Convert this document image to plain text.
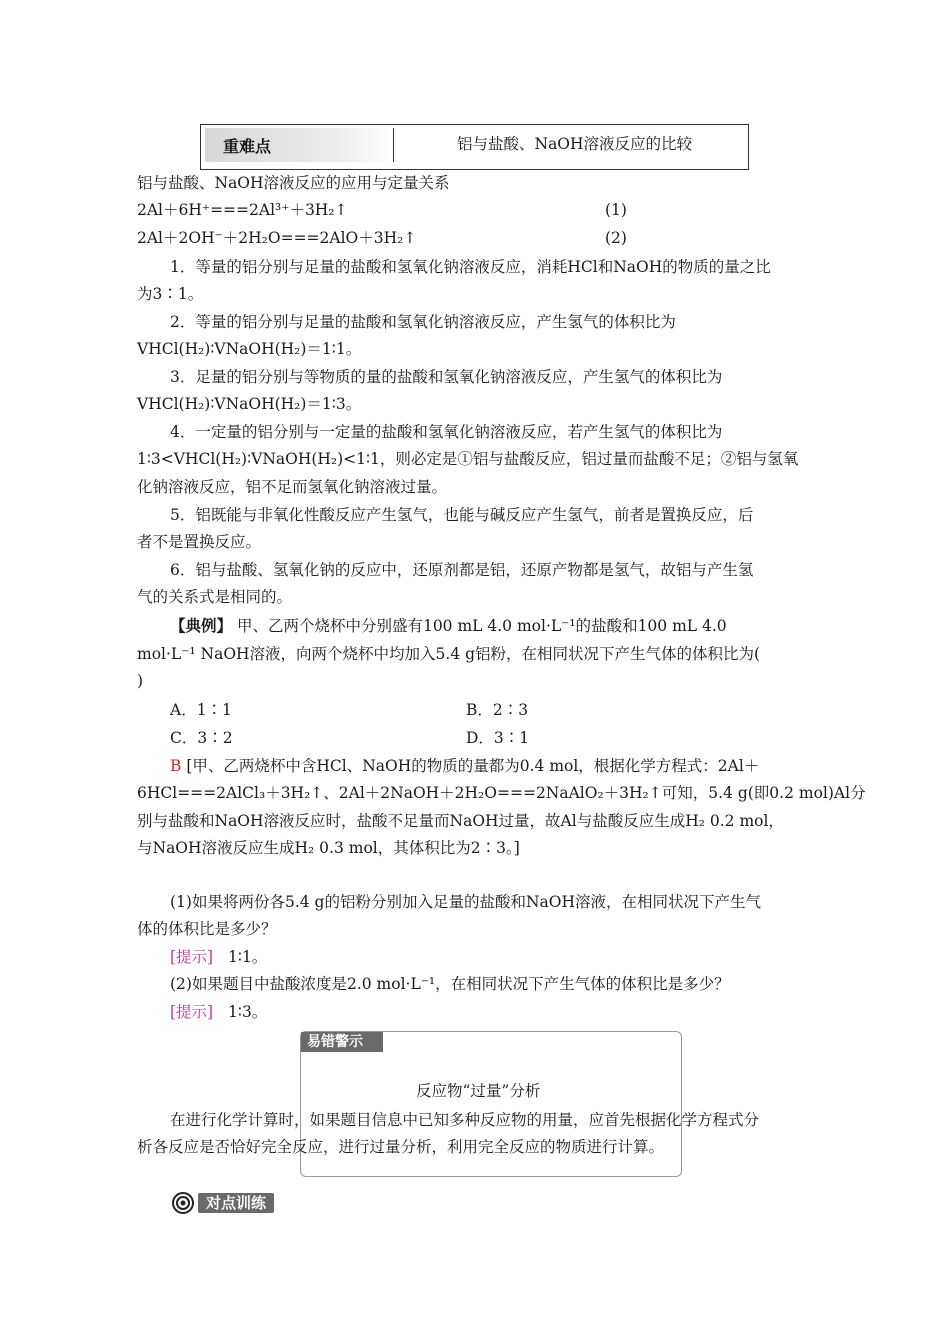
重难点	铝与盐酸、NaOH溶液反应的比较
铝与盐酸、NaOH溶液反应的应用与定量关系
2Al＋6H⁺===2Al³⁺＋3H₂↑	(1)
2Al＋2OH⁻＋2H₂O===2AlO＋3H₂↑	(2)
1．等量的铝分别与足量的盐酸和氢氧化钠溶液反应，消耗HCl和NaOH的物质的量之比
为3∶1。
2．等量的铝分别与足量的盐酸和氢氧化钠溶液反应，产生氢气的体积比为
VHCl(H₂)∶VNaOH(H₂)＝1∶1。
3．足量的铝分别与等物质的量的盐酸和氢氧化钠溶液反应，产生氢气的体积比为
VHCl(H₂)∶VNaOH(H₂)＝1∶3。
4．一定量的铝分别与一定量的盐酸和氢氧化钠溶液反应，若产生氢气的体积比为
1∶3<VHCl(H₂)∶VNaOH(H₂)<1∶1，则必定是①铝与盐酸反应，铝过量而盐酸不足；②铝与氢氧
化钠溶液反应，铝不足而氢氧化钠溶液过量。
5．铝既能与非氧化性酸反应产生氢气，也能与碱反应产生氢气，前者是置换反应，后
者不是置换反应。
6．铝与盐酸、氢氧化钠的反应中，还原剂都是铝，还原产物都是氢气，故铝与产生氢
气的关系式是相同的。
【典例】 甲、乙两个烧杯中分别盛有100 mL 4.0 mol·L⁻¹的盐酸和100 mL 4.0
mol·L⁻¹ NaOH溶液，向两个烧杯中均加入5.4 g铝粉，在相同状况下产生气体的体积比为(
)
A．1∶1	B．2∶3
C．3∶2	D．3∶1
B [甲、乙两烧杯中含HCl、NaOH的物质的量都为0.4 mol，根据化学方程式：2Al＋
6HCl===2AlCl₃＋3H₂↑、2Al＋2NaOH＋2H₂O===2NaAlO₂＋3H₂↑可知，5.4 g(即0.2 mol)Al分
别与盐酸和NaOH溶液反应时，盐酸不足量而NaOH过量，故Al与盐酸反应生成H₂ 0.2 mol，
与NaOH溶液反应生成H₂ 0.3 mol，其体积比为2∶3。]
(1)如果将两份各5.4 g的铝粉分别加入足量的盐酸和NaOH溶液，在相同状况下产生气
体的体积比是多少？
[提示] 1∶1。
(2)如果题目中盐酸浓度是2.0 mol·L⁻¹，在相同状况下产生气体的体积比是多少？
[提示] 1∶3。
易错警示
反应物“过量”分析
在进行化学计算时，如果题目信息中已知多种反应物的用量，应首先根据化学方程式分
析各反应是否恰好完全反应，进行过量分析，利用完全反应的物质进行计算。
对点训练
